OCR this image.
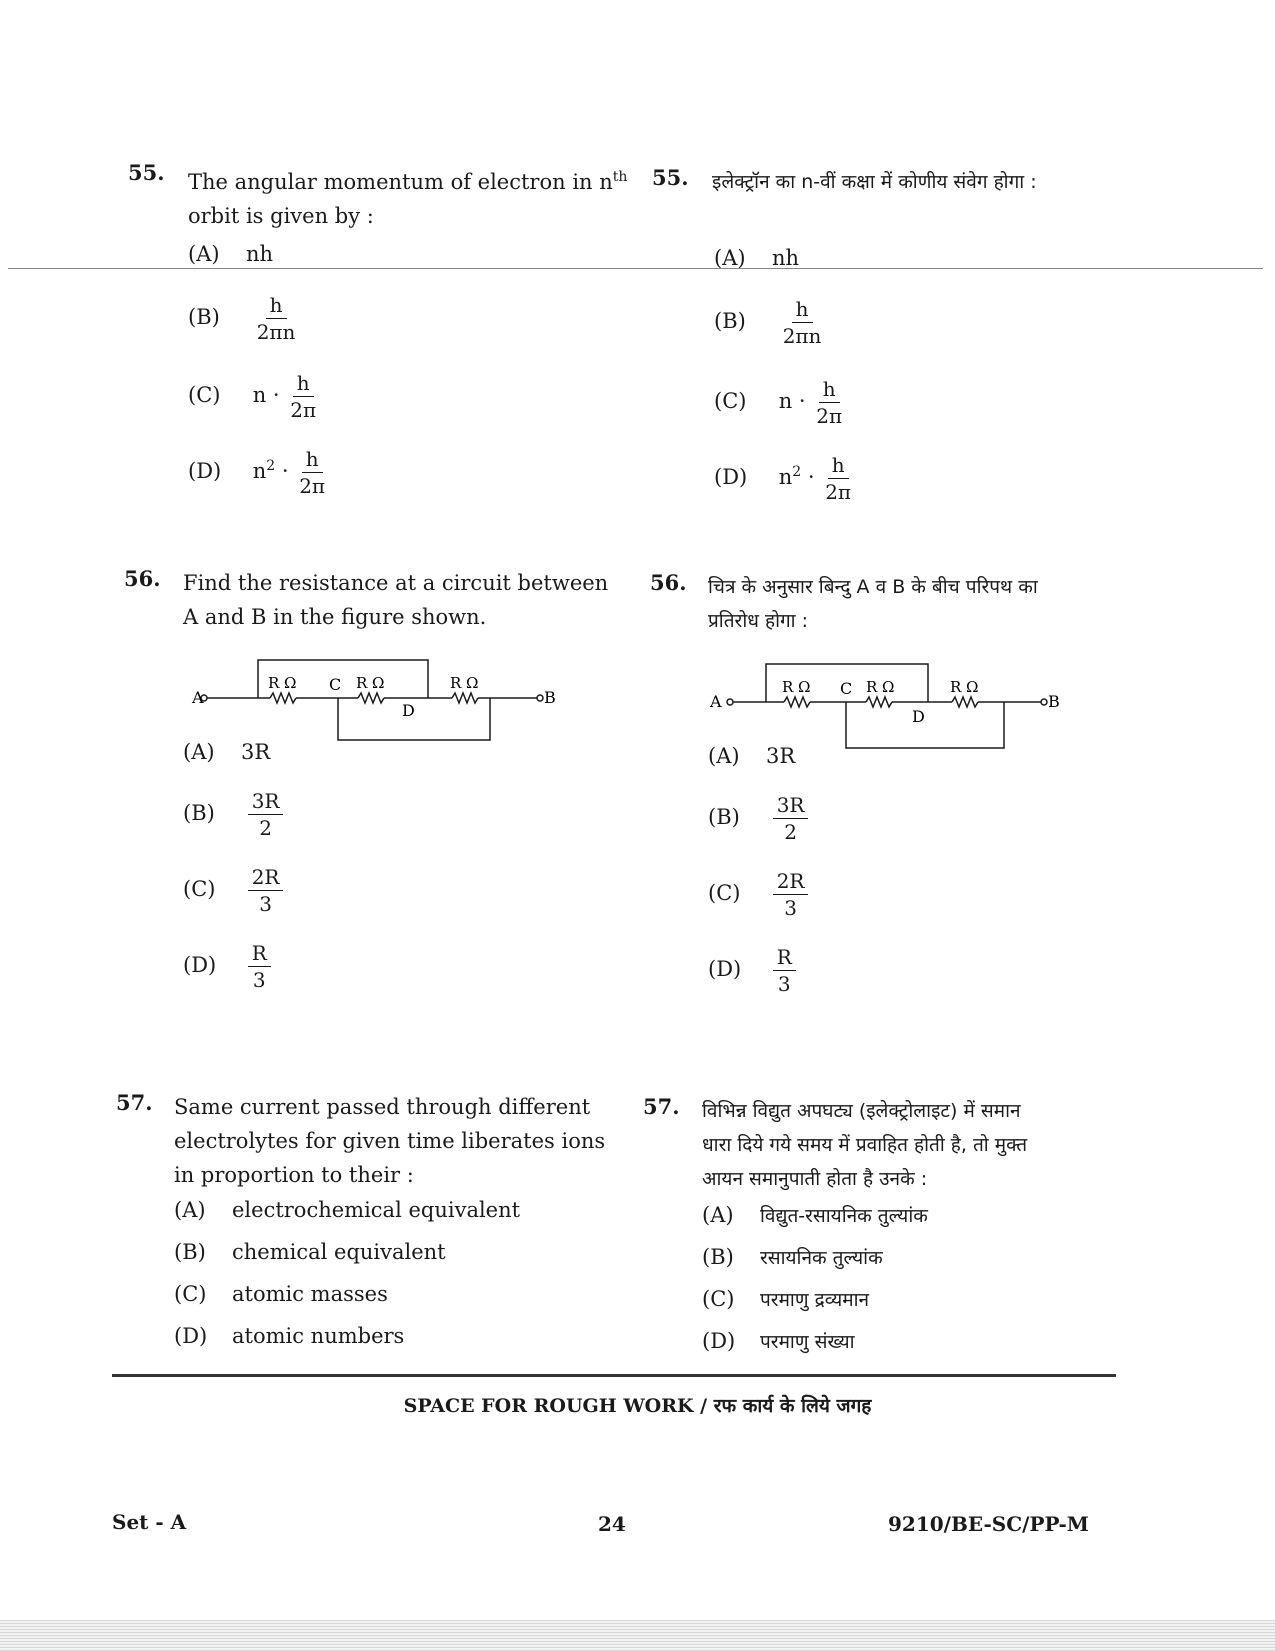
55. The angular momentum of electron in $n^{th}$
orbit is given by :
(A) nh
$(B) \frac{h}{2\pi n}$
(C) $n \cdot \frac{h}{2\pi}$
(D) $n^2 \cdot \frac{h}{2\pi}$
55. इलेक्ट्रॉन का n-वीं कक्षा में कोणीय संवेग होगा :
(A) nh
$(B) \frac{h}{2\pi n}$
(C) $n \cdot \frac{h}{2\pi}$
(D) $n^2 \cdot \frac{h}{2\pi}$
56. Find the resistance at a circuit between
A and B in the figure shown.
A	B
C
D
R Ω	R Ω	R Ω
(A) 3R
$(B) \frac{3R}{2}$
$(C) \frac{2R}{3}$
$(D) \frac{R}{3}$
56. चित्र के अनुसार बिन्दु A व B के बीच परिपथ का
प्रतिरोध होगा :
A	B
C
D
R Ω	R Ω	R Ω
(A) 3R
$(B) \frac{3R}{2}$
$(C) \frac{2R}{3}$
$(D) \frac{R}{3}$
57. Same current passed through different
electrolytes for given time liberates ions
in proportion to their :
(A) electrochemical equivalent
(B) chemical equivalent
(C) atomic masses
(D) atomic numbers
57. विभिन्न विद्युत अपघट्य (इलेक्ट्रोलाइट) में समान
धारा दिये गये समय में प्रवाहित होती है, तो मुक्त
आयन समानुपाती होता है उनके :
(A) विद्युत-रसायनिक तुल्यांक
(B) रसायनिक तुल्यांक
(C) परमाणु द्रव्यमान
(D) परमाणु संख्या
SPACE FOR ROUGH WORK / रफ कार्य के लिये जगह
Set - A	24	9210/BE-SC/PP-M
